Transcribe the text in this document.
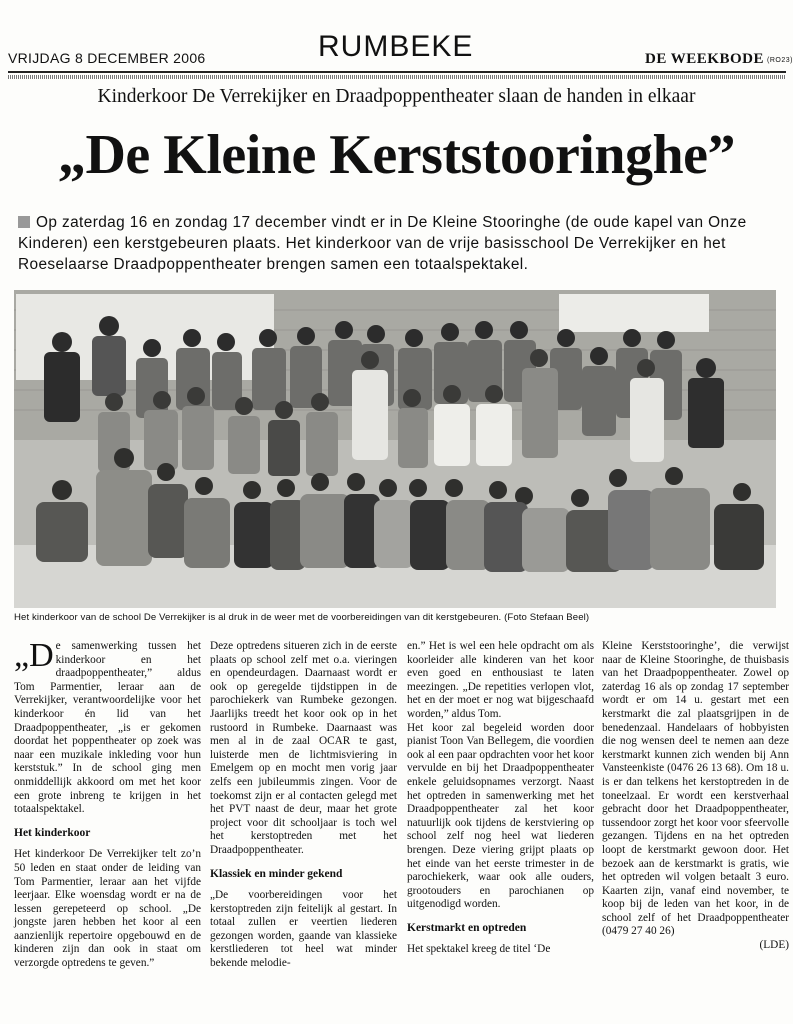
VRIJDAG 8 DECEMBER 2006	RUMBEKE	DE WEEKBODE (RO23)
Kinderkoor De Verrekijker en Draadpoppentheater slaan de handen in elkaar
„De Kleine Kerststooringhe”
Op zaterdag 16 en zondag 17 december vindt er in De Kleine Stooringhe (de oude kapel van Onze Kinderen) een kerstgebeuren plaats. Het kinderkoor van de vrije basisschool De Verrekijker en het Roeselaarse Draadpoppentheater brengen samen een totaalspektakel.
Het kinderkoor van de school De Verrekijker is al druk in de weer met de voorbereidingen van dit kerstgebeuren. (Foto Stefaan Beel)

„De samenwerking tussen het kinderkoor en het draadpoppentheater,” aldus Tom Parmentier, leraar aan de Verrekijker, verantwoordelijke voor het kinderkoor én lid van het Draadpoppentheater, „is er gekomen doordat het poppentheater op zoek was naar een muzikale inkleding voor hun kerststuk.” In de school ging men onmiddellijk akkoord om met het koor een grote inbreng te krijgen in het totaalspektakel.

Het kinderkoor

Het kinderkoor De Verrekijker telt zo’n 50 leden en staat onder de leiding van Tom Parmentier, leraar aan het vijfde leerjaar. Elke woensdag wordt er na de lessen gerepeteerd op school. „De jongste jaren hebben het koor al een aanzienlijk repertoire opgebouwd en de kinderen zijn dan ook in staat om verzorgde optredens te geven.”

Deze optredens situeren zich in de eerste plaats op school zelf met o.a. vieringen en opendeurdagen. Daarnaast wordt er ook op geregelde tijdstippen in de parochiekerk van Rumbeke gezongen. Jaarlijks treedt het koor ook op in het rustoord in Rumbeke. Daarnaast was men al in de zaal OCAR te gast, luisterde men de lichtmisviering in Emelgem op en mocht men vorig jaar zelfs een jubileummis zingen. Voor de toekomst zijn er al contacten gelegd met het PVT naast de deur, maar het grote project voor dit schooljaar is toch wel het kerstoptreden met het Draadpoppentheater.

Klassiek en minder gekend

„De voorbereidingen voor het kerstoptreden zijn feitelijk al gestart. In totaal zullen er veertien liederen gezongen worden, gaande van klassieke kerstliederen tot heel wat minder bekende melodie-

en.” Het is wel een hele opdracht om als koorleider alle kinderen van het koor even goed en enthousiast te laten meezingen. „De repetities verlopen vlot, het en der moet er nog wat bijgeschaafd worden,” aldus Tom.

Het koor zal begeleid worden door pianist Toon Van Bellegem, die voordien ook al een paar opdrachten voor het koor vervulde en bij het Draadpoppentheater enkele geluidsopnames verzorgt. Naast het optreden in samenwerking met het Draadpoppentheater zal het koor natuurlijk ook tijdens de kerstviering op school zelf nog heel wat liederen brengen. Deze viering grijpt plaats op het einde van het eerste trimester in de parochiekerk, waar ook alle ouders, grootouders en parochianen op uitgenodigd worden.

Kerstmarkt en optreden

Het spektakel kreeg de titel ‘De

Kleine Kerststooringhe’, die verwijst naar de Kleine Stooringhe, de thuisbasis van het Draadpoppentheater. Zowel op zaterdag 16 als op zondag 17 september wordt er om 14 u. gestart met een kerstmarkt die zal plaatsgrijpen in de benedenzaal. Handelaars of hobbyisten die nog wensen deel te nemen aan deze kerstmarkt kunnen zich wenden bij Ann Vansteenkiste (0476 26 13 68). Om 18 u. is er dan telkens het kerstoptreden in de toneelzaal. Er wordt een kerstverhaal gebracht door het Draadpoppentheater, tussendoor zorgt het koor voor sfeervolle gezangen. Tijdens en na het optreden loopt de kerstmarkt gewoon door. Het bezoek aan de kerstmarkt is gratis, wie het optreden wil volgen betaalt 3 euro. Kaarten zijn, vanaf eind november, te koop bij de leden van het koor, in de school zelf of het Draadpoppentheater (0479 27 40 26)

(LDE)
